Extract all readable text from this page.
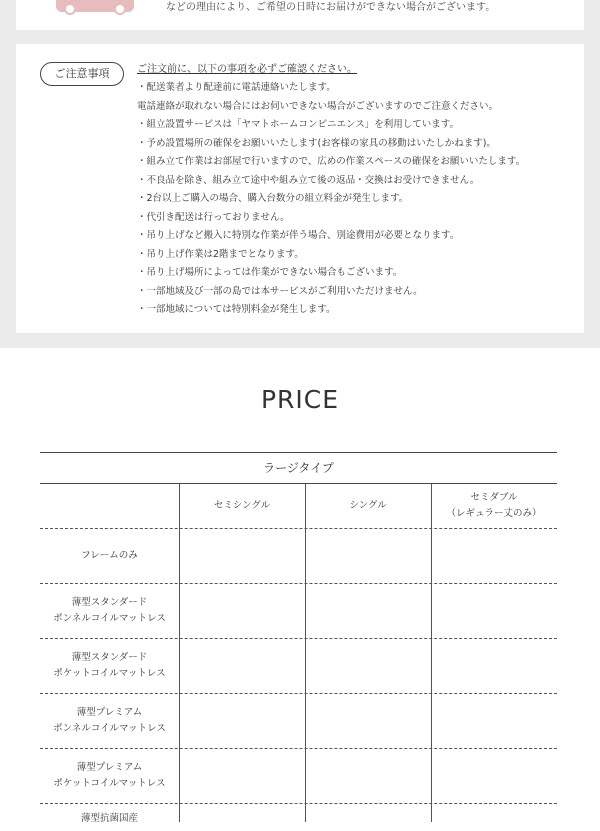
などの理由により、ご希望の日時にお届けができない場合がございます。
ご注意事項	ご注文前に、以下の事項を必ずご確認ください。
・配送業者より配達前に電話連絡いたします。
電話連絡が取れない場合にはお伺いできない場合がございますのでご注意ください。
・組立設置サービスは「ヤマトホームコンビニエンス」を利用しています。
・予め設置場所の確保をお願いいたします(お客様の家具の移動はいたしかねます)。
・組み立て作業はお部屋で行いますので、広めの作業スペースの確保をお願いいたします。
・不良品を除き、組み立て途中や組み立て後の返品・交換はお受けできません。
・2台以上ご購入の場合、購入台数分の組立料金が発生します。
・代引き配送は行っておりません。
・吊り上げなど搬入に特別な作業が伴う場合、別途費用が必要となります。
・吊り上げ作業は2階までとなります。
・吊り上げ場所によっては作業ができない場合もございます。
・一部地域及び一部の島では本サービスがご利用いただけません。
・一部地域については特別料金が発生します。
PRICE
ラージタイプ
セミシングル	シングル
セミダブル
（レギュラー丈のみ）
フレームのみ
薄型スタンダード
ボンネルコイルマットレス
薄型スタンダード
ポケットコイルマットレス
薄型プレミアム
ボンネルコイルマットレス
薄型プレミアム
ポケットコイルマットレス
薄型抗菌国産
